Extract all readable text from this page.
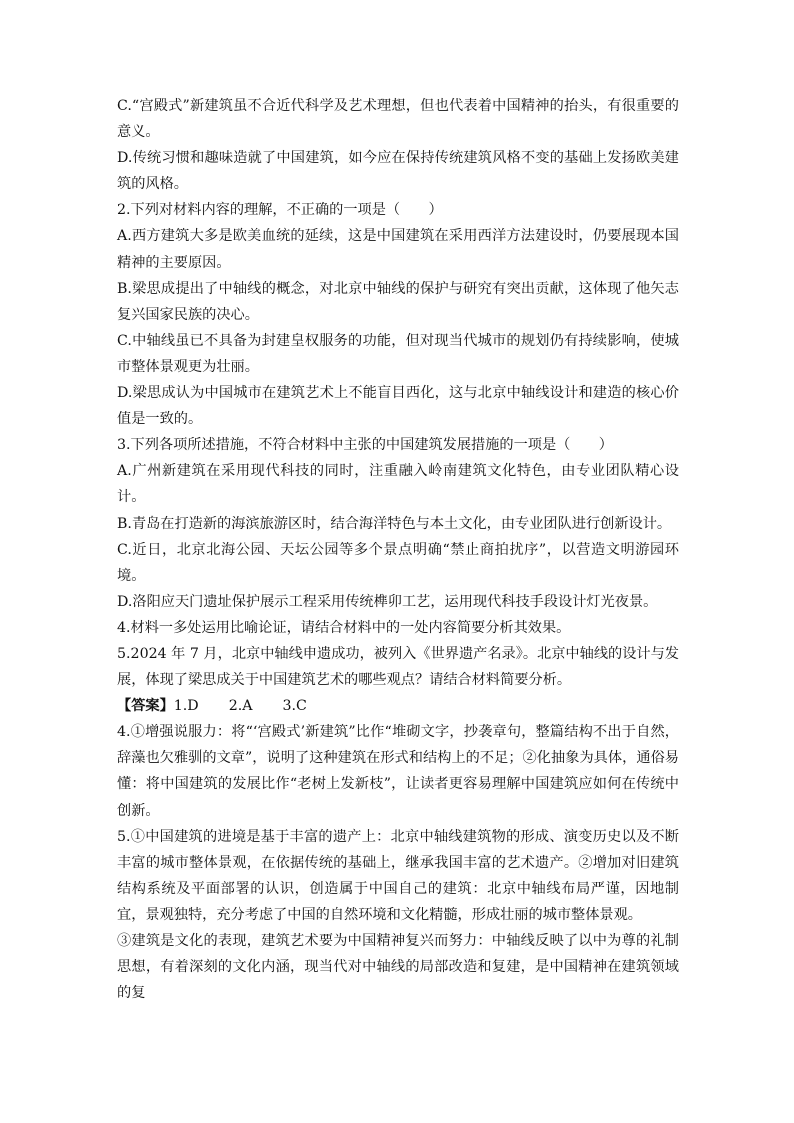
C.“宫殿式”新建筑虽不合近代科学及艺术理想，但也代表着中国精神的抬头，有很重要的意义。

D.传统习惯和趣味造就了中国建筑，如今应在保持传统建筑风格不变的基础上发扬欧美建筑的风格。

2.下列对材料内容的理解，不正确的一项是（　　）

A.西方建筑大多是欧美血统的延续，这是中国建筑在采用西洋方法建设时，仍要展现本国精神的主要原因。

B.梁思成提出了中轴线的概念，对北京中轴线的保护与研究有突出贡献，这体现了他矢志复兴国家民族的决心。

C.中轴线虽已不具备为封建皇权服务的功能，但对现当代城市的规划仍有持续影响，使城市整体景观更为壮丽。

D.梁思成认为中国城市在建筑艺术上不能盲目西化，这与北京中轴线设计和建造的核心价值是一致的。

3.下列各项所述措施，不符合材料中主张的中国建筑发展措施的一项是（　　）

A.广州新建筑在采用现代科技的同时，注重融入岭南建筑文化特色，由专业团队精心设计。

B.青岛在打造新的海滨旅游区时，结合海洋特色与本土文化，由专业团队进行创新设计。

C.近日，北京北海公园、天坛公园等多个景点明确“禁止商拍扰序”，以营造文明游园环境。

D.洛阳应天门遗址保护展示工程采用传统榫卯工艺，运用现代科技手段设计灯光夜景。

4.材料一多处运用比喻论证，请结合材料中的一处内容简要分析其效果。

5.2024 年 7 月，北京中轴线申遗成功，被列入《世界遗产名录》。北京中轴线的设计与发展，体现了梁思成关于中国建筑艺术的哪些观点？请结合材料简要分析。

【答案】1.D 2.A 3.C

4.①增强说服力：将“‘宫殿式’新建筑”比作“堆砌文字，抄袭章句，整篇结构不出于自然，辞藻也欠雅驯的文章”，说明了这种建筑在形式和结构上的不足；②化抽象为具体，通俗易懂：将中国建筑的发展比作“老树上发新枝”，让读者更容易理解中国建筑应如何在传统中创新。

5.①中国建筑的进境是基于丰富的遗产上：北京中轴线建筑物的形成、演变历史以及不断丰富的城市整体景观，在依据传统的基础上，继承我国丰富的艺术遗产。②增加对旧建筑结构系统及平面部署的认识，创造属于中国自己的建筑：北京中轴线布局严谨，因地制宜，景观独特，充分考虑了中国的自然环境和文化精髓，形成壮丽的城市整体景观。

③建筑是文化的表现，建筑艺术要为中国精神复兴而努力：中轴线反映了以中为尊的礼制思想，有着深刻的文化内涵，现当代对中轴线的局部改造和复建，是中国精神在建筑领域的复
